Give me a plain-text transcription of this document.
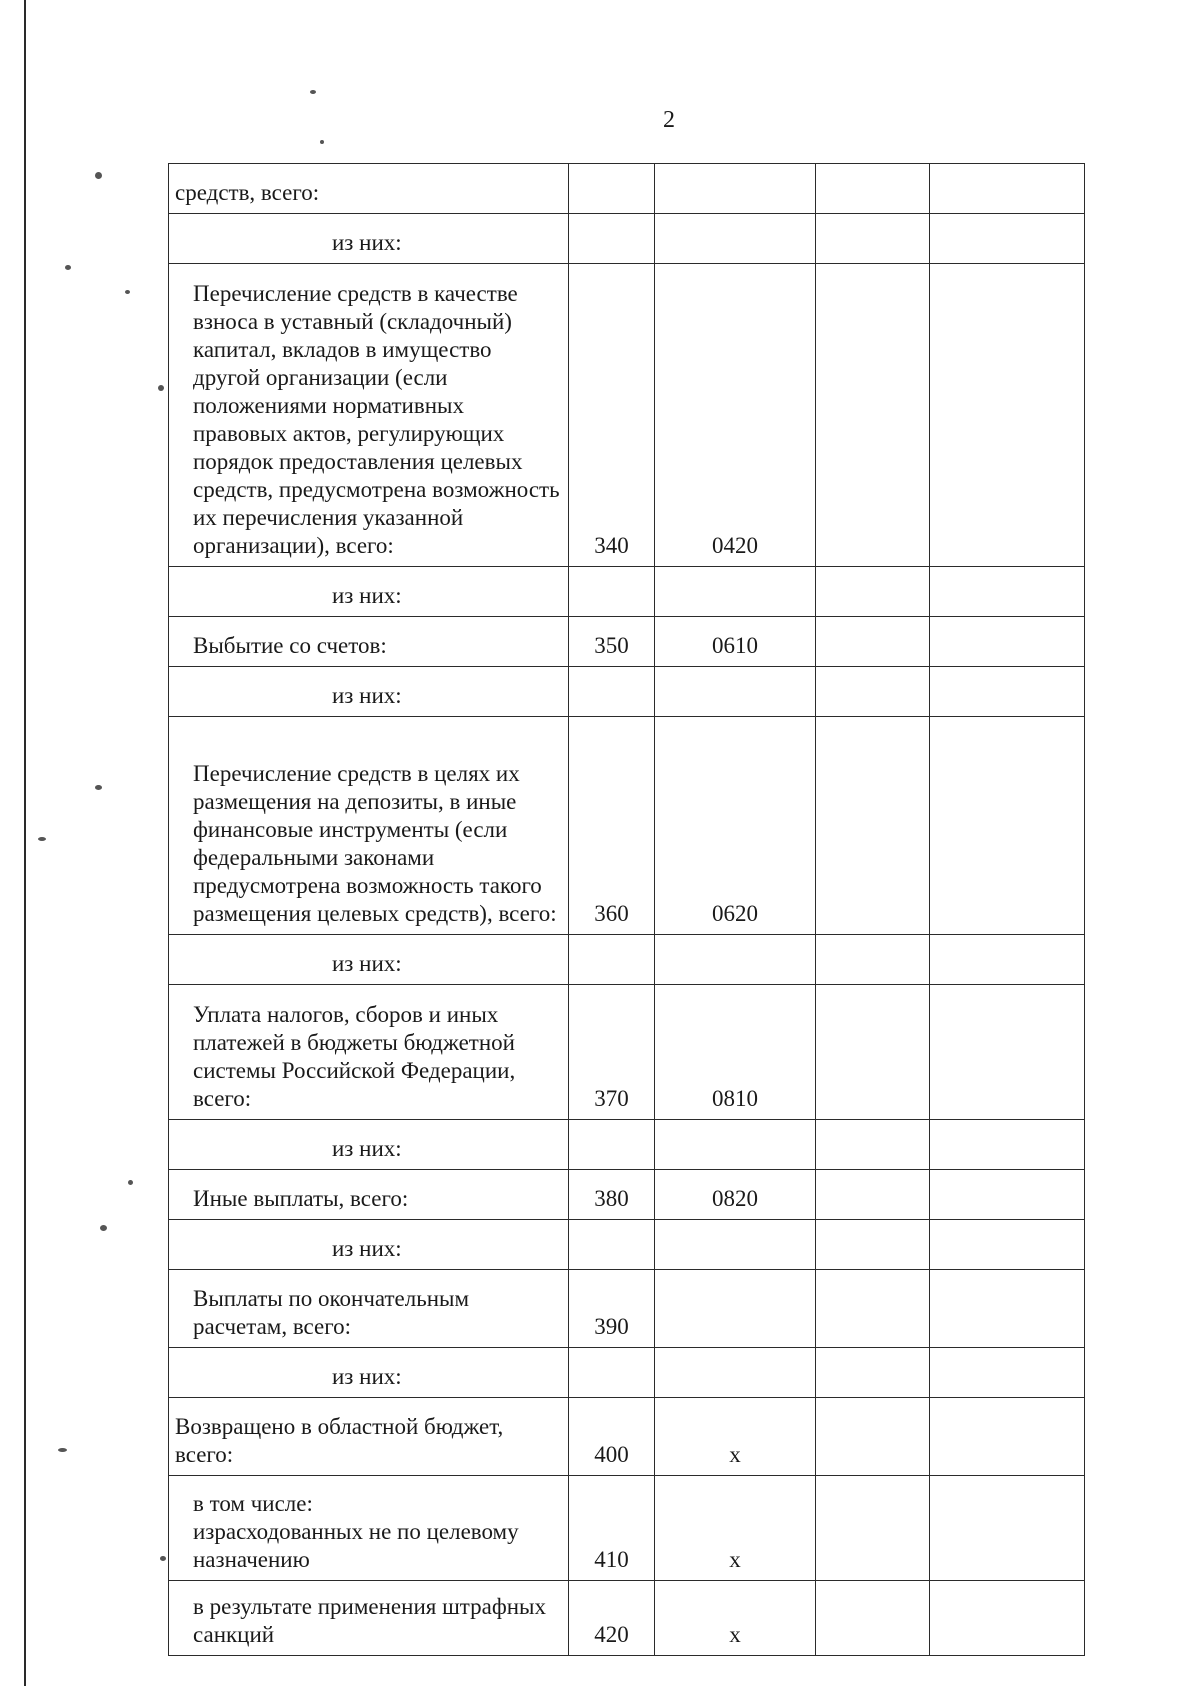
2
средств, всего:				
из них:				
Перечисление средств в качестве взноса в уставный (складочный) капитал, вкладов в имущество другой организации (если положениями нормативных правовых актов, регулирующих порядок предоставления целевых средств, предусмотрена возможность их перечисления указанной организации), всего:	340	0420		
из них:				
Выбытие со счетов:	350	0610		
из них:				
Перечисление средств в целях их размещения на депозиты, в иные финансовые инструменты (если федеральными законами предусмотрена возможность такого размещения целевых средств), всего:	360	0620		
из них:				
Уплата налогов, сборов и иных платежей в бюджеты бюджетной системы Российской Федерации, всего:	370	0810		
из них:				
Иные выплаты, всего:	380	0820		
из них:				
Выплаты по окончательным расчетам, всего:	390			
из них:				
Возвращено в областной бюджет, всего:	400	x		
в том числе:
израсходованных не по целевому назначению	410	x		
в результате применения штрафных санкций	420	x		
